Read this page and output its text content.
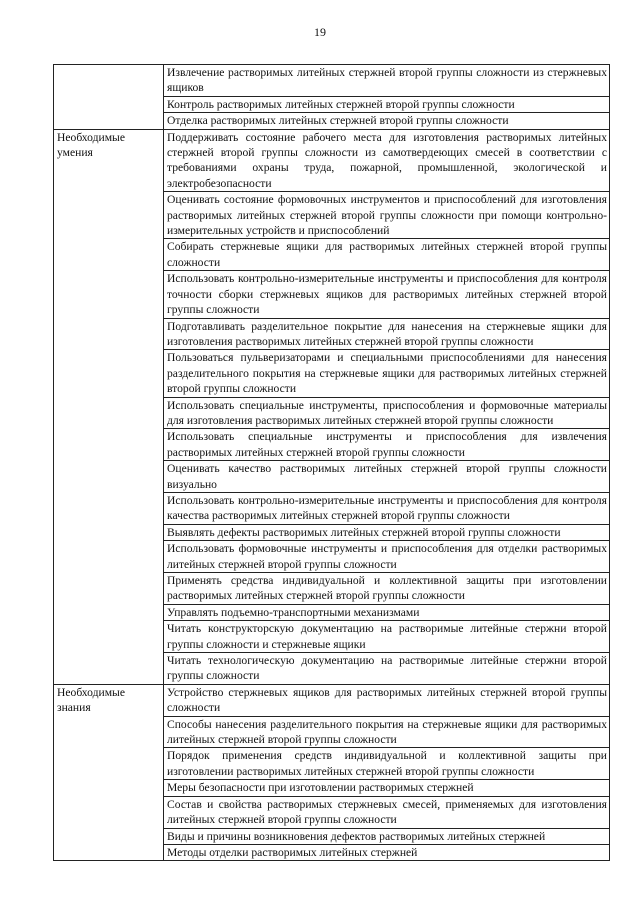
19
	Извлечение растворимых литейных стержней второй группы сложности из стержневых ящиков
	Контроль растворимых литейных стержней второй группы сложности
	Отделка растворимых литейных стержней второй группы сложности
Необходимые умения	Поддерживать состояние рабочего места для изготовления растворимых литейных стержней второй группы сложности из самотвердеющих смесей в соответствии с требованиями охраны труда, пожарной, промышленной, экологической и электробезопасности
	Оценивать состояние формовочных инструментов и приспособлений для изготовления растворимых литейных стержней второй группы сложности при помощи контрольно-измерительных устройств и приспособлений
	Собирать стержневые ящики для растворимых литейных стержней второй группы сложности
	Использовать контрольно-измерительные инструменты и приспособления для контроля точности сборки стержневых ящиков для растворимых литейных стержней второй группы сложности
	Подготавливать разделительное покрытие для нанесения на стержневые ящики для изготовления растворимых литейных стержней второй группы сложности
	Пользоваться пульверизаторами и специальными приспособлениями для нанесения разделительного покрытия на стержневые ящики для растворимых литейных стержней второй группы сложности
	Использовать специальные инструменты, приспособления и формовочные материалы для изготовления растворимых литейных стержней второй группы сложности
	Использовать специальные инструменты и приспособления для извлечения растворимых литейных стержней второй группы сложности
	Оценивать качество растворимых литейных стержней второй группы сложности визуально
	Использовать контрольно-измерительные инструменты и приспособления для контроля качества растворимых литейных стержней второй группы сложности
	Выявлять дефекты растворимых литейных стержней второй группы сложности
	Использовать формовочные инструменты и приспособления для отделки растворимых литейных стержней второй группы сложности
	Применять средства индивидуальной и коллективной защиты при изготовлении растворимых литейных стержней второй группы сложности
	Управлять подъемно-транспортными механизмами
	Читать конструкторскую документацию на растворимые литейные стержни второй группы сложности и стержневые ящики
	Читать технологическую документацию на растворимые литейные стержни второй группы сложности
Необходимые знания	Устройство стержневых ящиков для растворимых литейных стержней второй группы сложности
	Способы нанесения разделительного покрытия на стержневые ящики для растворимых литейных стержней второй группы сложности
	Порядок применения средств индивидуальной и коллективной защиты при изготовлении растворимых литейных стержней второй группы сложности
	Меры безопасности при изготовлении растворимых стержней
	Состав и свойства растворимых стержневых смесей, применяемых для изготовления литейных стержней второй группы сложности
	Виды и причины возникновения дефектов растворимых литейных стержней
	Методы отделки растворимых литейных стержней
